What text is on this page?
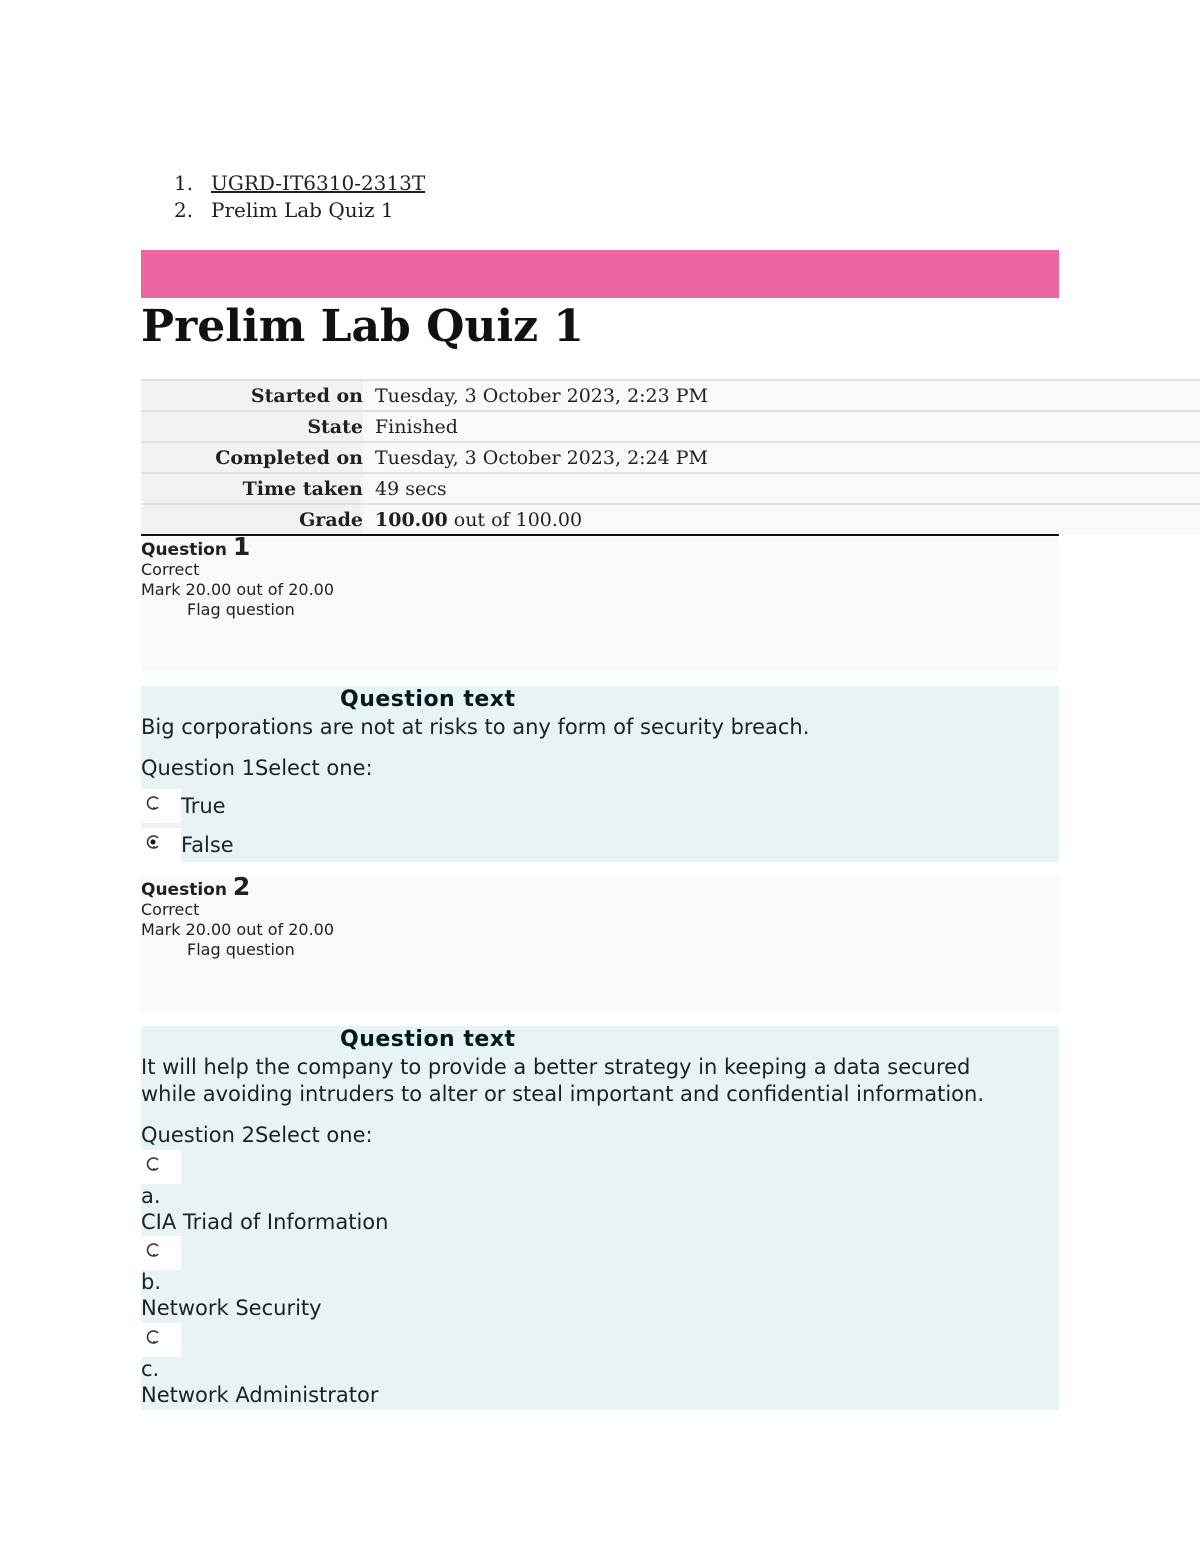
1. UGRD-IT6310-2313T
2. Prelim Lab Quiz 1
Prelim Lab Quiz 1
Started on Tuesday, 3 October 2023, 2:23 PM
State Finished
Completed on Tuesday, 3 October 2023, 2:24 PM
Time taken 49 secs
Grade 100.00 out of 100.00
Question 1
Correct
Mark 20.00 out of 20.00
Flag question
Question text
Big corporations are not at risks to any form of security breach.
Question 1Select one:
True
False
Question 2
Correct
Mark 20.00 out of 20.00
Flag question
Question text
It will help the company to provide a better strategy in keeping a data secured
while avoiding intruders to alter or steal important and confidential information.
Question 2Select one:
a.
CIA Triad of Information
b.
Network Security
c.
Network Administrator
